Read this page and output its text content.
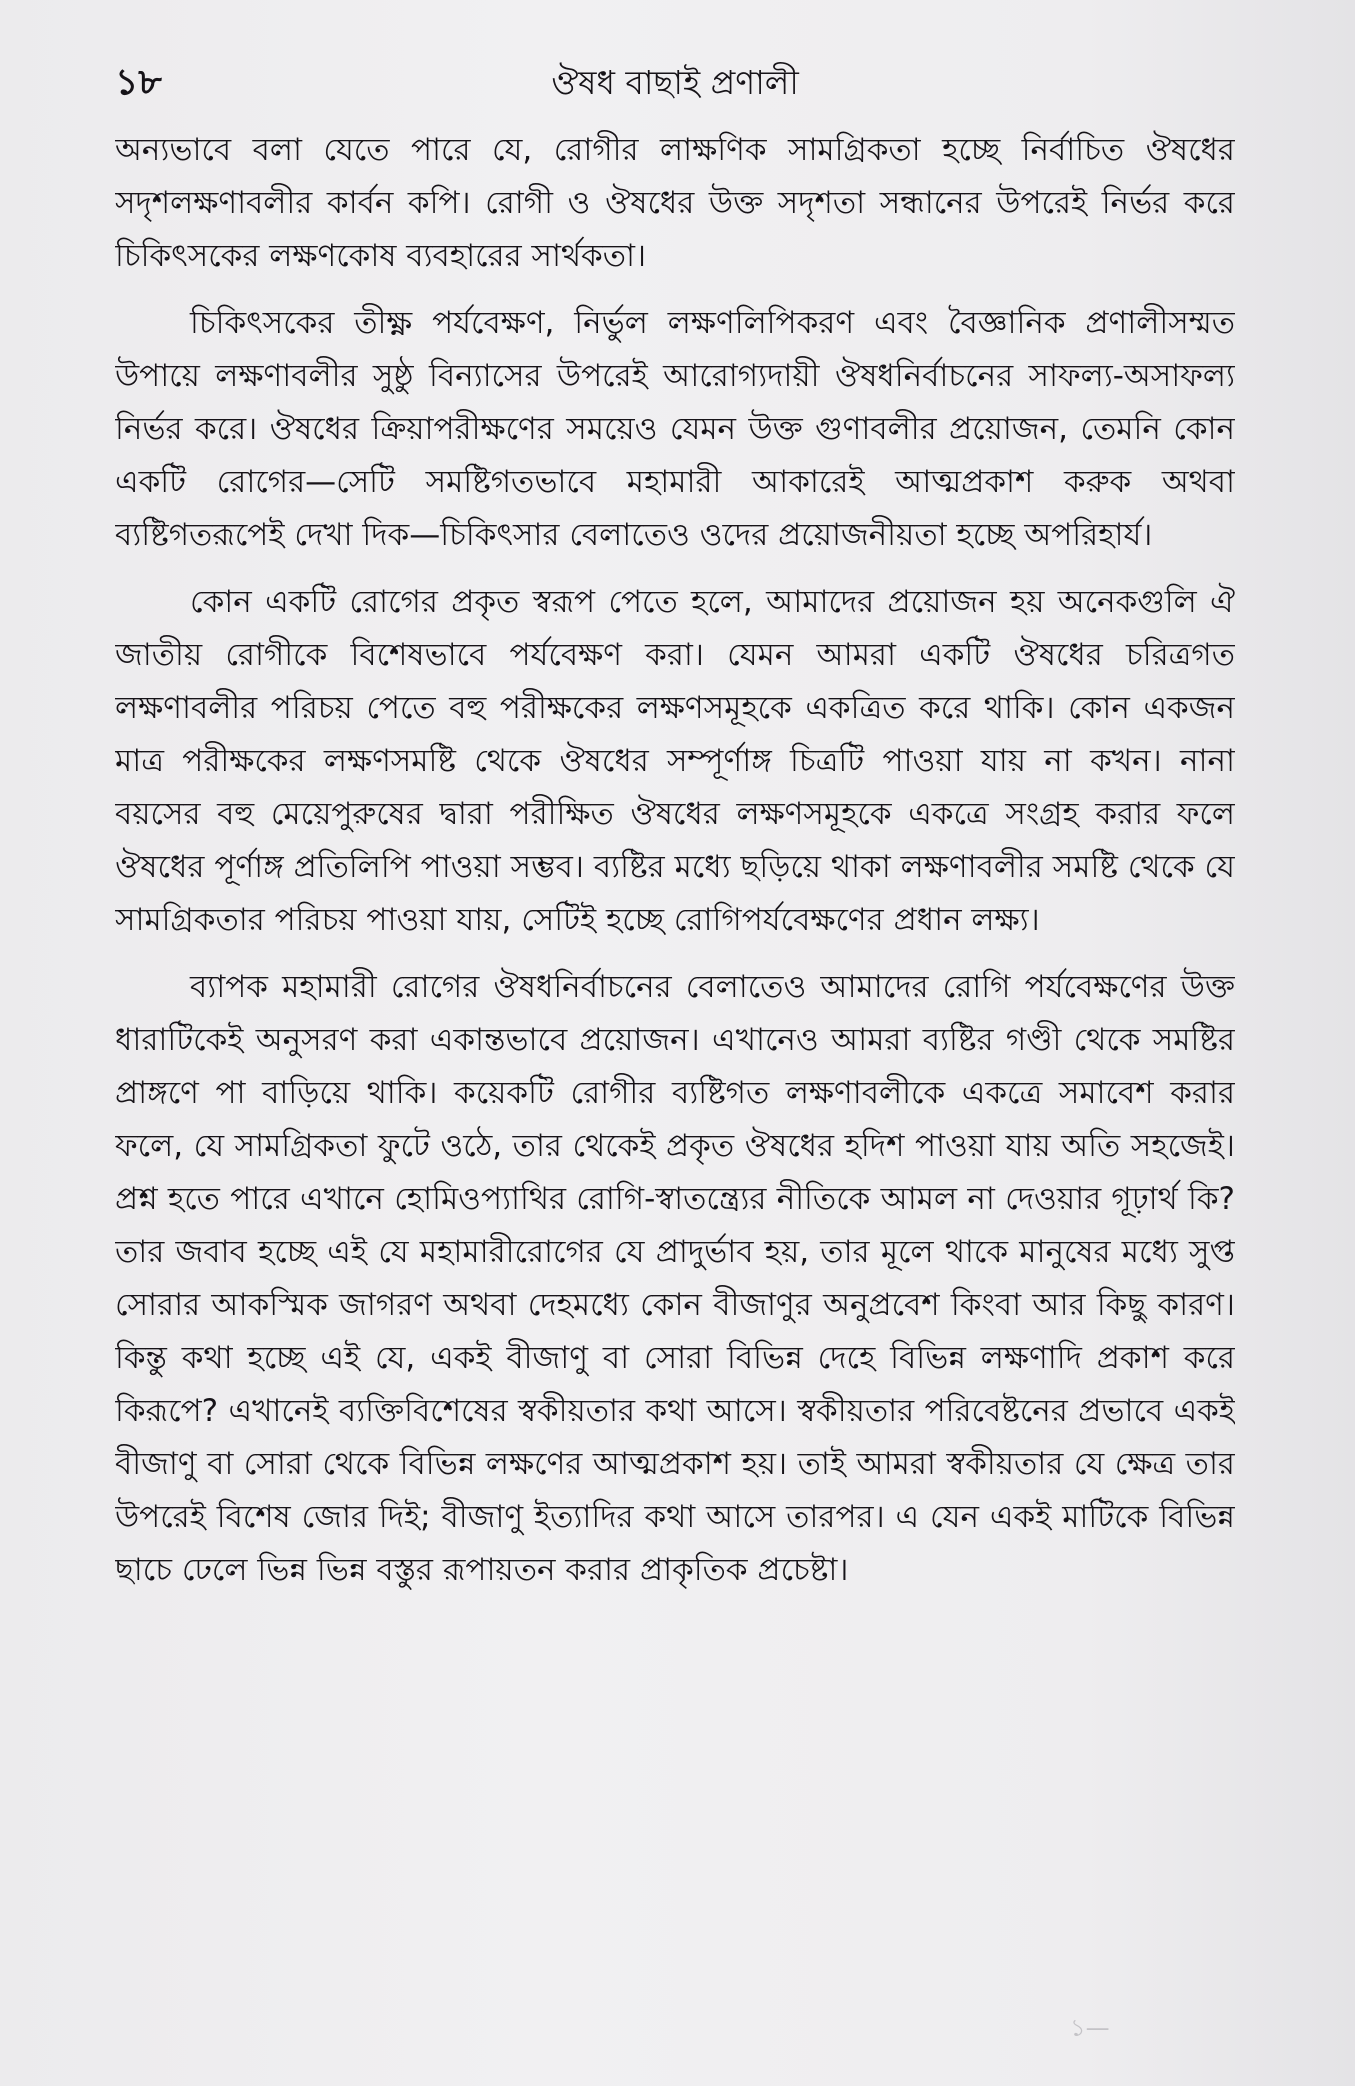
১৮	ঔষধ বাছাই প্রণালী

অন্যভাবে বলা যেতে পারে যে, রোগীর লাক্ষণিক সামগ্রিকতা হচ্ছে নির্বাচিত ঔষধের সদৃশলক্ষণাবলীর কার্বন কপি। রোগী ও ঔষধের উক্ত সদৃশতা সন্ধানের উপরেই নির্ভর করে চিকিৎসকের লক্ষণকোষ ব্যবহারের সার্থকতা।

চিকিৎসকের তীক্ষ্ণ পর্যবেক্ষণ, নির্ভুল লক্ষণলিপিকরণ এবং বৈজ্ঞানিক প্রণালীসম্মত উপায়ে লক্ষণাবলীর সুষ্ঠু বিন্যাসের উপরেই আরোগ্যদায়ী ঔষধনির্বাচনের সাফল্য-অসাফল্য নির্ভর করে। ঔষধের ক্রিয়াপরীক্ষণের সময়েও যেমন উক্ত গুণাবলীর প্রয়োজন, তেমনি কোন একটি রোগের—সেটি সমষ্টিগতভাবে মহামারী আকারেই আত্মপ্রকাশ করুক অথবা ব্যষ্টিগতরূপেই দেখা দিক—চিকিৎসার বেলাতেও ওদের প্রয়োজনীয়তা হচ্ছে অপরিহার্য।

কোন একটি রোগের প্রকৃত স্বরূপ পেতে হলে, আমাদের প্রয়োজন হয় অনেকগুলি ঐ জাতীয় রোগীকে বিশেষভাবে পর্যবেক্ষণ করা। যেমন আমরা একটি ঔষধের চরিত্রগত লক্ষণাবলীর পরিচয় পেতে বহু পরীক্ষকের লক্ষণসমূহকে একত্রিত করে থাকি। কোন একজন মাত্র পরীক্ষকের লক্ষণসমষ্টি থেকে ঔষধের সম্পূর্ণাঙ্গ চিত্রটি পাওয়া যায় না কখন। নানা বয়সের বহু মেয়েপুরুষের দ্বারা পরীক্ষিত ঔষধের লক্ষণসমূহকে একত্রে সংগ্রহ করার ফলে ঔষধের পূর্ণাঙ্গ প্রতিলিপি পাওয়া সম্ভব। ব্যষ্টির মধ্যে ছড়িয়ে থাকা লক্ষণাবলীর সমষ্টি থেকে যে সামগ্রিকতার পরিচয় পাওয়া যায়, সেটিই হচ্ছে রোগিপর্যবেক্ষণের প্রধান লক্ষ্য।

ব্যাপক মহামারী রোগের ঔষধনির্বাচনের বেলাতেও আমাদের রোগি পর্যবেক্ষণের উক্ত ধারাটিকেই অনুসরণ করা একান্তভাবে প্রয়োজন। এখানেও আমরা ব্যষ্টির গণ্ডী থেকে সমষ্টির প্রাঙ্গণে পা বাড়িয়ে থাকি। কয়েকটি রোগীর ব্যষ্টিগত লক্ষণাবলীকে একত্রে সমাবেশ করার ফলে, যে সামগ্রিকতা ফুটে ওঠে, তার থেকেই প্রকৃত ঔষধের হদিশ পাওয়া যায় অতি সহজেই। প্রশ্ন হতে পারে এখানে হোমিওপ্যাথির রোগি-স্বাতন্ত্র্যের নীতিকে আমল না দেওয়ার গূঢ়ার্থ কি? তার জবাব হচ্ছে এই যে মহামারীরোগের যে প্রাদুর্ভাব হয়, তার মূলে থাকে মানুষের মধ্যে সুপ্ত সোরার আকস্মিক জাগরণ অথবা দেহমধ্যে কোন বীজাণুর অনুপ্রবেশ কিংবা আর কিছু কারণ। কিন্তু কথা হচ্ছে এই যে, একই বীজাণু বা সোরা বিভিন্ন দেহে বিভিন্ন লক্ষণাদি প্রকাশ করে কিরূপে? এখানেই ব্যক্তিবিশেষের স্বকীয়তার কথা আসে। স্বকীয়তার পরিবেষ্টনের প্রভাবে একই বীজাণু বা সোরা থেকে বিভিন্ন লক্ষণের আত্মপ্রকাশ হয়। তাই আমরা স্বকীয়তার যে ক্ষেত্র তার উপরেই বিশেষ জোর দিই; বীজাণু ইত্যাদির কথা আসে তারপর। এ যেন একই মাটিকে বিভিন্ন ছাচে ঢেলে ভিন্ন ভিন্ন বস্তুর রূপায়তন করার প্রাকৃতিক প্রচেষ্টা।

১—
